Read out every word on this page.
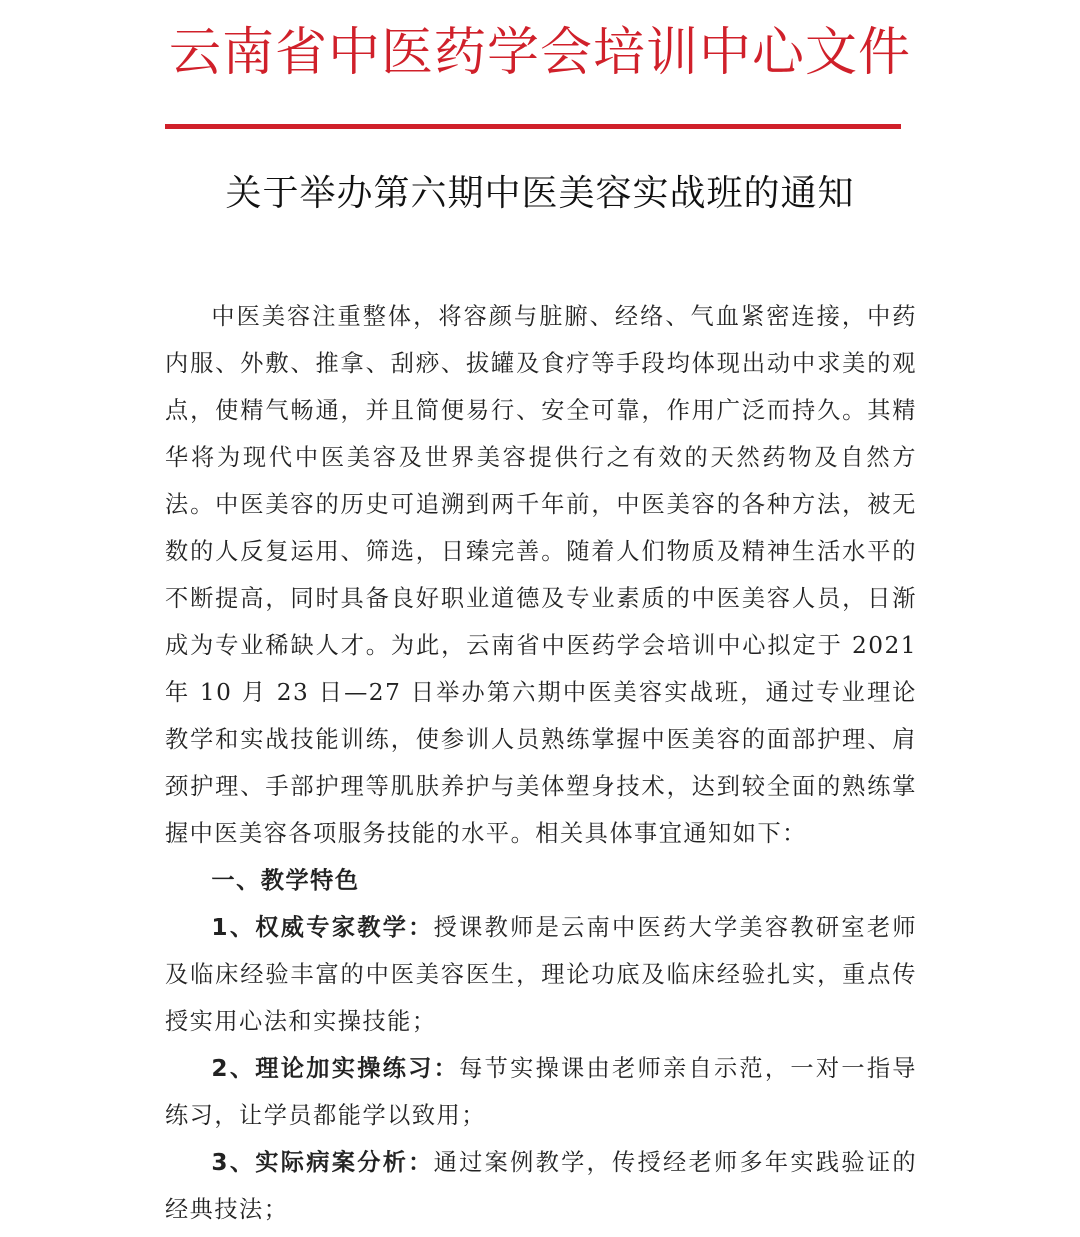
云南省中医药学会培训中心文件
关于举办第六期中医美容实战班的通知

中医美容注重整体，将容颜与脏腑、经络、气血紧密连接，中药内服、外敷、推拿、刮痧、拔罐及食疗等手段均体现出动中求美的观点，使精气畅通，并且简便易行、安全可靠，作用广泛而持久。其精华将为现代中医美容及世界美容提供行之有效的天然药物及自然方法。中医美容的历史可追溯到两千年前，中医美容的各种方法，被无数的人反复运用、筛选，日臻完善。随着人们物质及精神生活水平的不断提高，同时具备良好职业道德及专业素质的中医美容人员，日渐成为专业稀缺人才。为此，云南省中医药学会培训中心拟定于 2021 年 10 月 23 日—27 日举办第六期中医美容实战班，通过专业理论教学和实战技能训练，使参训人员熟练掌握中医美容的面部护理、肩颈护理、手部护理等肌肤养护与美体塑身技术，达到较全面的熟练掌握中医美容各项服务技能的水平。相关具体事宜通知如下：

一、教学特色

1、权威专家教学：授课教师是云南中医药大学美容教研室老师及临床经验丰富的中医美容医生，理论功底及临床经验扎实，重点传授实用心法和实操技能；

2、理论加实操练习：每节实操课由老师亲自示范，一对一指导练习，让学员都能学以致用；

3、实际病案分析：通过案例教学，传授经老师多年实践验证的经典技法；
